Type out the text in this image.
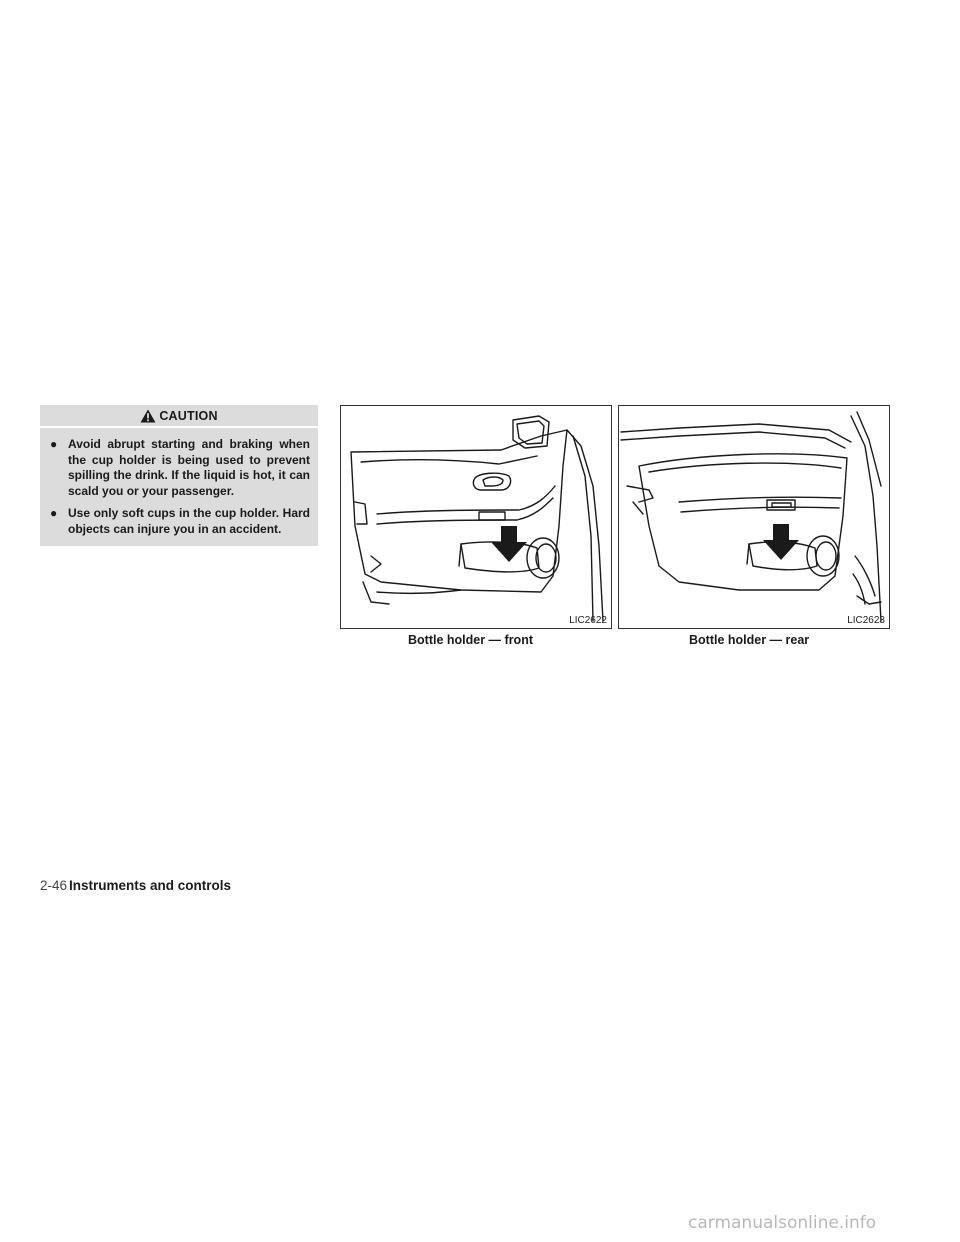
CAUTION
● Avoid abrupt starting and braking when the cup holder is being used to prevent spilling the drink. If the liquid is hot, it can scald you or your passenger.
● Use only soft cups in the cup holder. Hard objects can injure you in an accident.
LIC2622	LIC2623
Bottle holder — front	Bottle holder — rear
2-46 Instruments and controls
carmanualsonline.info
